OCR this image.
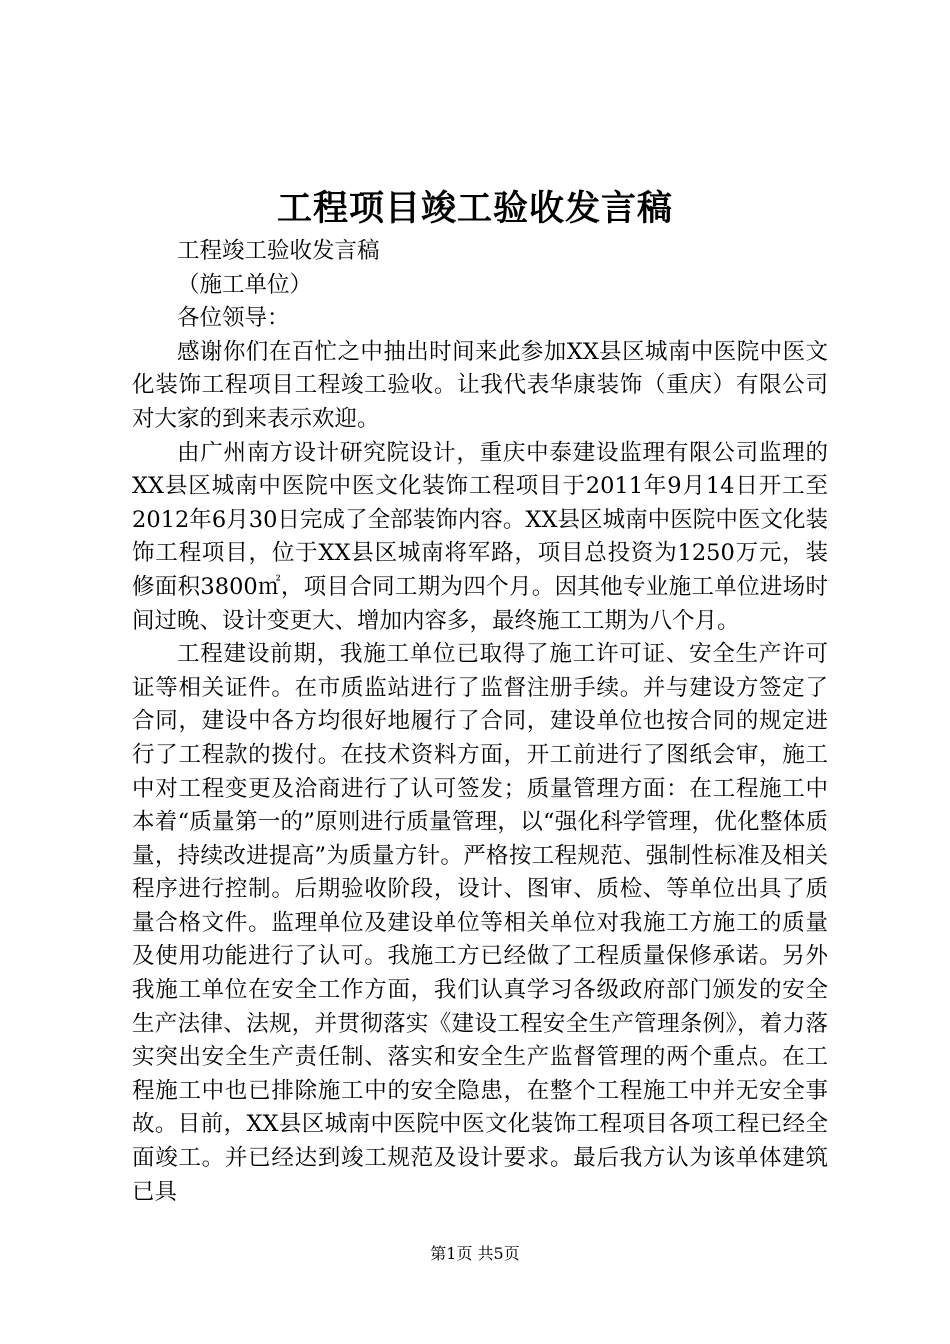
工程项目竣工验收发言稿

工程竣工验收发言稿

（施工单位）

各位领导：

感谢你们在百忙之中抽出时间来此参加XX县区城南中医院中医文化装饰工程项目工程竣工验收。让我代表华康装饰（重庆）有限公司对大家的到来表示欢迎。

由广州南方设计研究院设计，重庆中泰建设监理有限公司监理的XX县区城南中医院中医文化装饰工程项目于2011年9月14日开工至2012年6月30日完成了全部装饰内容。XX县区城南中医院中医文化装饰工程项目，位于XX县区城南将军路，项目总投资为1250万元，装修面积3800㎡，项目合同工期为四个月。因其他专业施工单位进场时间过晚、设计变更大、增加内容多，最终施工工期为八个月。

工程建设前期，我施工单位已取得了施工许可证、安全生产许可证等相关证件。在市质监站进行了监督注册手续。并与建设方签定了合同，建设中各方均很好地履行了合同，建设单位也按合同的规定进行了工程款的拨付。在技术资料方面，开工前进行了图纸会审，施工中对工程变更及洽商进行了认可签发；质量管理方面：在工程施工中本着“质量第一的”原则进行质量管理，以“强化科学管理，优化整体质量，持续改进提高”为质量方针。严格按工程规范、强制性标准及相关程序进行控制。后期验收阶段，设计、图审、质检、等单位出具了质量合格文件。监理单位及建设单位等相关单位对我施工方施工的质量及使用功能进行了认可。我施工方已经做了工程质量保修承诺。另外我施工单位在安全工作方面，我们认真学习各级政府部门颁发的安全生产法律、法规，并贯彻落实《建设工程安全生产管理条例》，着力落实突出安全生产责任制、落实和安全生产监督管理的两个重点。在工程施工中也已排除施工中的安全隐患，在整个工程施工中并无安全事故。目前，XX县区城南中医院中医文化装饰工程项目各项工程已经全面竣工。并已经达到竣工规范及设计要求。最后我方认为该单体建筑已具

第1页 共5页
